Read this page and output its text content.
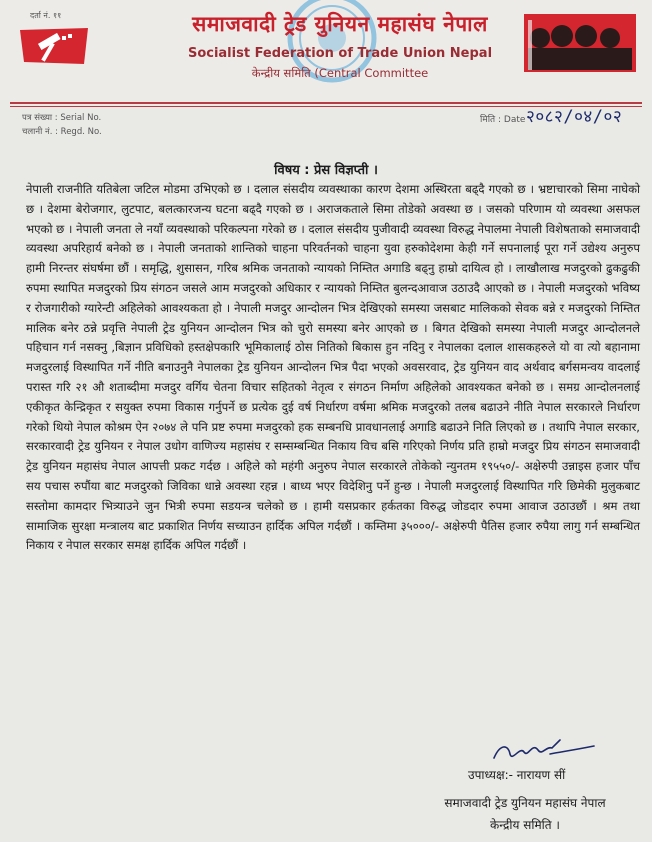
दर्ता नं. ११	समाजवादी ट्रेड युनियन महासंघ नेपाल
Socialist Federation of Trade Union Nepal
केन्द्रीय समिति (Central Committee
पत्र संख्या : Serial No.
चलानी नं. : Regd. No.
मिति : Date २०८२/०४/०२
विषय : प्रेस विज्ञप्ती ।

नेपाली राजनीति यतिबेला जटिल मोडमा उभिएको छ । दलाल संसदीय व्यवस्थाका कारण देशमा अस्थिरता बढ्दै गएको छ । भ्रष्टाचारको सिमा नाघेको छ । देशमा बेरोजगार, लुटपाट, बलत्कारजन्य घटना बढ्दै गएको छ । अराजकताले सिमा तोडेको अवस्था छ । जसको परिणाम यो व्यवस्था असफल भएको छ । नेपाली जनता ले नयाँ व्यवस्थाको परिकल्पना गरेको छ । दलाल संसदीय पुजीवादी व्यवस्था विरुद्ध नेपालमा नेपाली विशेषताको समाजवादी व्यवस्था अपरिहार्य बनेको छ । नेपाली जनताको शान्तिको चाहना परिवर्तनको चाहना युवा हरुकोदेशमा केही गर्ने सपनालाई पूरा गर्ने उद्येश्य अनुरुप हामी निरन्तर संघर्षमा छौं । समृद्धि, शुसासन, गरिब श्रमिक जनताको न्यायको निम्तित अगाडि बढ्नु हाम्रो दायित्व हो । लाखौलाख मजदुरको ढुकढुकी रुपमा स्थापित मजदुरको प्रिय संगठन जसले आम मजदुरको अधिकार र न्यायको निम्तित बुलन्दआवाज उठाउदै आएको छ । नेपाली मजदुरको भविष्य र रोजगारीको ग्यारेन्टी अहिलेको आवश्यकता हो । नेपाली मजदुर आन्दोलन भित्र देखिएको समस्या जसबाट मालिकको सेवक बन्ने र मजदुरको निम्तित मालिक बनेर ठन्ने प्रवृत्ति नेपाली ट्रेड युनियन आन्दोलन भित्र को चुरो समस्या बनेर आएको छ । बिगत देखिको समस्या नेपाली मजदुर आन्दोलनले पहिचान गर्न नसक्नु ,बिज्ञान प्रविधिको हस्तक्षेपकारि भूमिकालाई ठोस नितिको बिकास हुन नदिनु र नेपालका दलाल शासकहरुले यो वा त्यो बहानामा मजदुरलाई विस्थापित गर्ने नीति बनाउनुनै नेपालका ट्रेड युनियन आन्दोलन भित्र पैदा भएको अवसरवाद, ट्रेड युनियन वाद अर्थवाद बर्गसमन्वय वादलाई परास्त गरि २१ औ शताब्दीमा मजदुर वर्गिय चेतना विचार सहितको नेतृत्व र संगठन निर्माण अहिलेको आवश्यकत बनेको छ । समग्र आन्दोलनलाई एकीकृत केन्द्रिकृत र सयुक्त रुपमा विकास गर्नुपर्ने छ प्रत्येक दुई वर्ष निर्धारण वर्षमा श्रमिक मजदुरको तलब बढाउने नीति नेपाल सरकारले निर्धारण गरेको थियो नेपाल कोश्रम ऐन २०७४ ले पनि प्रष्ट रुपमा मजदुरको हक सम्बनधि प्रावधानलाई अगाडि बढाउने निति लिएको छ । तथापि नेपाल सरकार, सरकारवादी ट्रेड युनियन र नेपाल उधोग वाणिज्य महासंघ र सम्सम्बन्धित निकाय विच बसि गरिएको निर्णय प्रति हाम्रो मजदुर प्रिय संगठन समाजवादी ट्रेड युनियन महासंघ नेपाल आपत्ती प्रकट गर्दछ । अहिले को महंगी अनुरुप नेपाल सरकारले तोकेको न्युनतम १९५५०/- अक्षेरुपी उन्नाइस हजार पाँच सय पचास रुपौंया बाट मजदुरको जिविका धान्ने अवस्था रहन्न । बाध्य भएर विदेशिनु पर्ने हुन्छ । नेपाली मजदुरलाई विस्थापित गरि छिमेकी मुलुकबाट सस्तोमा कामदार भित्र्याउने जुन भित्री रुपमा सडयन्त्र चलेको छ । हामी यसप्रकार हर्कतका विरुद्ध जोडदार रुपमा आवाज उठाउछौं । श्रम तथा सामाजिक सुरक्षा मन्त्रालय बाट प्रकाशित निर्णय सच्याउन हार्दिक अपिल गर्दछौं । कम्तिमा ३५०००/- अक्षेरुपी पैतिस हजार रुपैया लागु गर्न सम्बन्धित निकाय र नेपाल सरकार समक्ष हार्दिक अपिल गर्दछौं ।

उपाध्यक्ष:- नारायण सीं
समाजवादी ट्रेड युनियन महासंघ नेपाल
केन्द्रीय समिति ।
